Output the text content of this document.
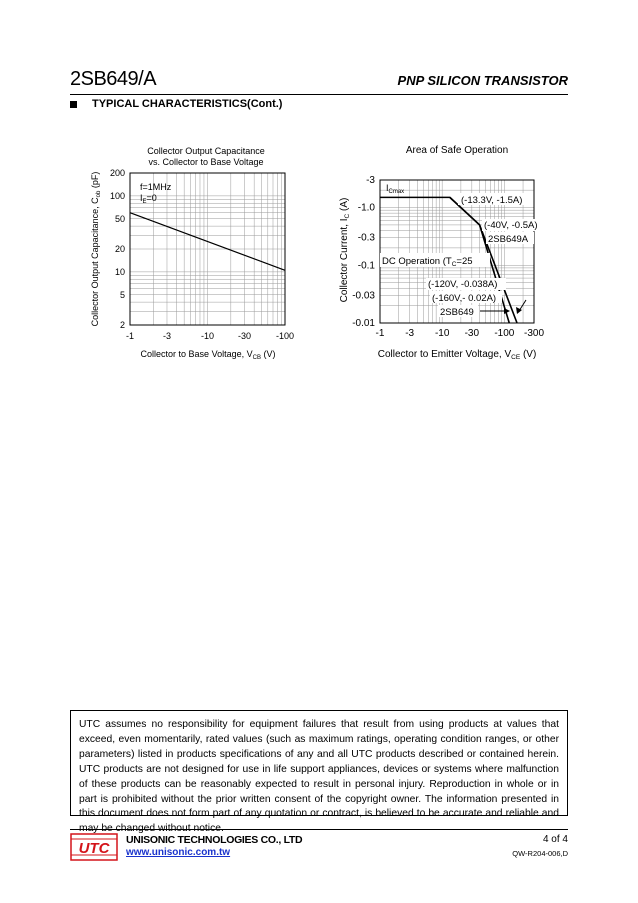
2SB649/A	PNP SILICON TRANSISTOR
TYPICAL CHARACTERISTICS(Cont.)
Collector Output Capacitance
vs. Collector to Base Voltage
2
5
10
20
50
100
200
-1	-3	-10	-30	-100
f=1MHz
$I_E=0$
Collector to Base Voltage, $V_{CB}$ (V)
Collector Output Capacitance, $C_{ob}$ (pF)
Area of Safe Operation
-0.01
-0.03
-0.1
-0.3
-1.0
-3
-1 -3 -10 -30 -100 -300
$I_{Cmax}$
(-13.3V, -1.5A)
(-40V, -0.5A)
2SB649A
DC Operation ($T_C=25$
(-120V, -0.038A)
(-160V,- 0.02A)
2SB649
Collector to Emitter Voltage, $V_{CE}$ (V)
Collector Current, $I_C$ (A)
UTC assumes no responsibility for equipment failures that result from using products at values that exceed, even momentarily, rated values (such as maximum ratings, operating condition ranges, or other parameters) listed in products specifications of any and all UTC products described or contained herein. UTC products are not designed for use in life support appliances, devices or systems where malfunction of these products can be reasonably expected to result in personal injury. Reproduction in whole or in part is prohibited without the prior written consent of the copyright owner. The information presented in this document does not form part of any quotation or contract, is believed to be accurate and reliable and may be changed without notice.
UTC UNISONIC TECHNOLOGIES CO., LTD
www.unisonic.com.tw
4 of 4
QW-R204-006,D
